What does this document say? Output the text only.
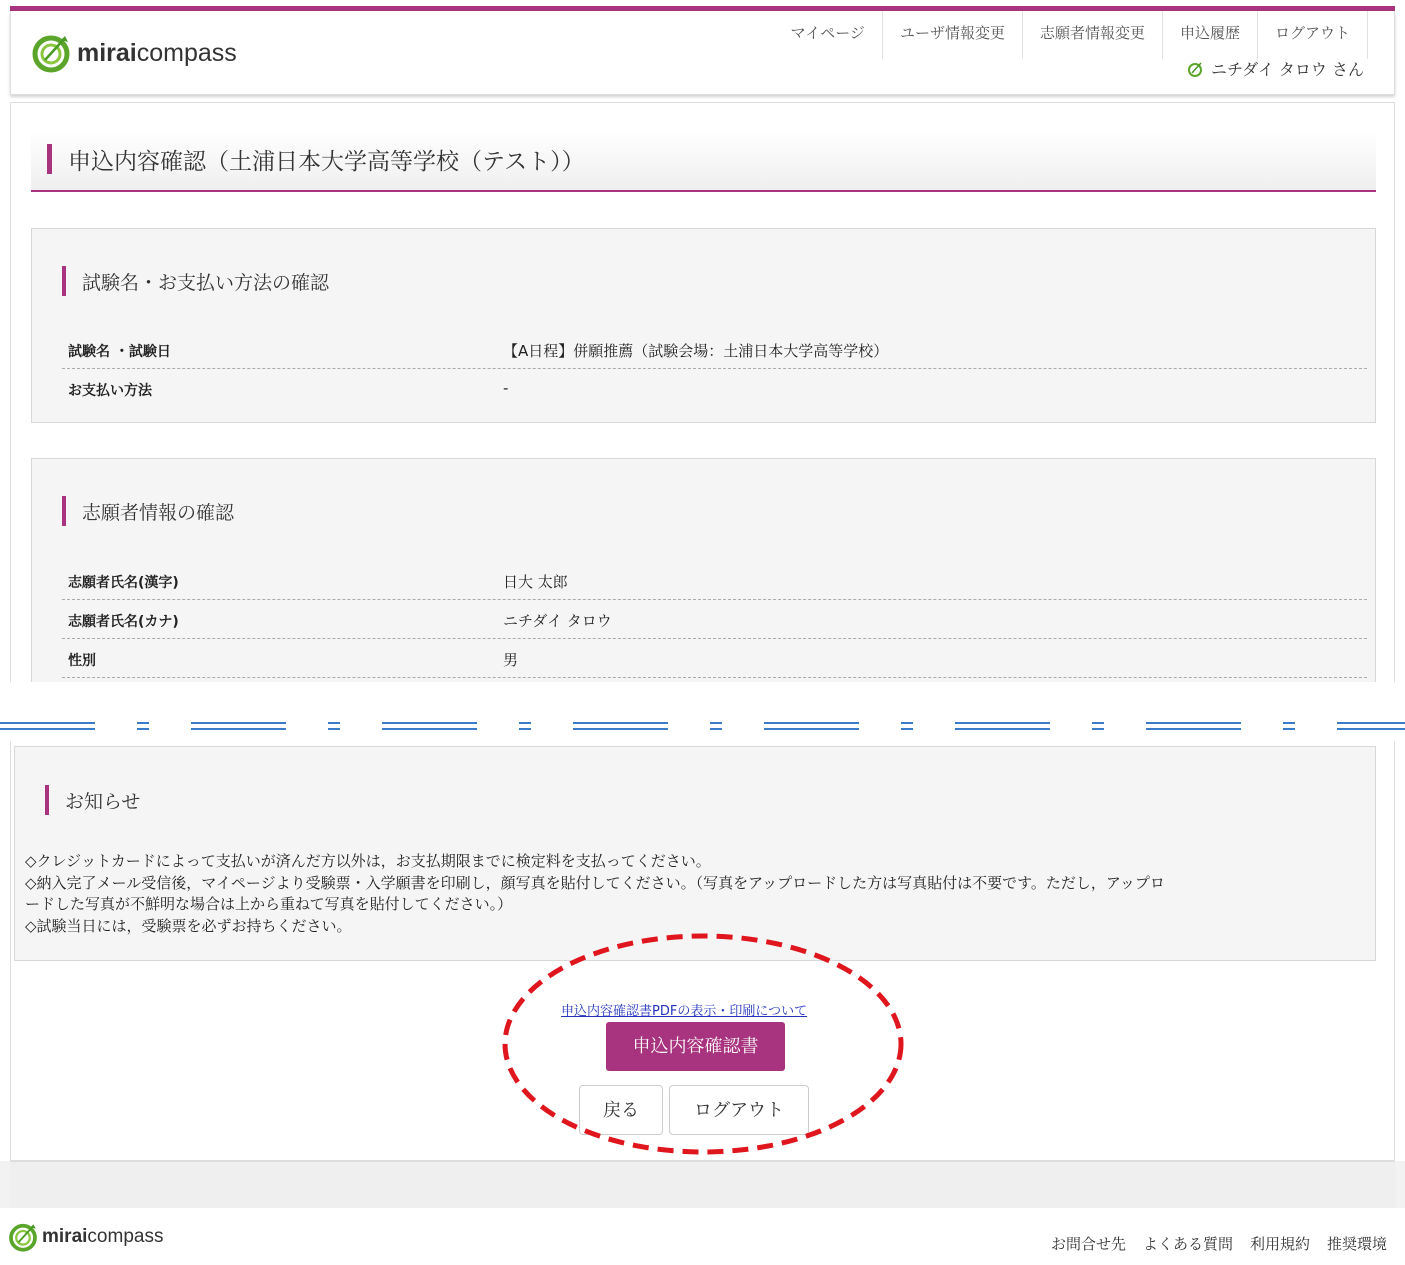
miraicompass
マイページ	ユーザ情報変更	志願者情報変更	申込履歴	ログアウト
ニチダイ タロウ さん
申込内容確認（土浦日本大学高等学校（テスト））
試験名・お支払い方法の確認
試験名 ・試験日	【A日程】併願推薦（試験会場：土浦日本大学高等学校）
お支払い方法	-
志願者情報の確認
志願者氏名(漢字)	日大 太郎
志願者氏名(カナ)	ニチダイ タロウ
性別	男
お知らせ
◇クレジットカードによって支払いが済んだ方以外は，お支払期限までに検定料を支払ってください。
◇納入完了メール受信後，マイページより受験票・入学願書を印刷し，顔写真を貼付してください。（写真をアップロードした方は写真貼付は不要です。ただし，アップロ
ードした写真が不鮮明な場合は上から重ねて写真を貼付してください。）
◇試験当日には，受験票を必ずお持ちください。
申込内容確認書PDFの表示・印刷について
申込内容確認書
戻る	ログアウト
miraicompass	お問合せ先 よくある質問 利用規約 推奨環境
